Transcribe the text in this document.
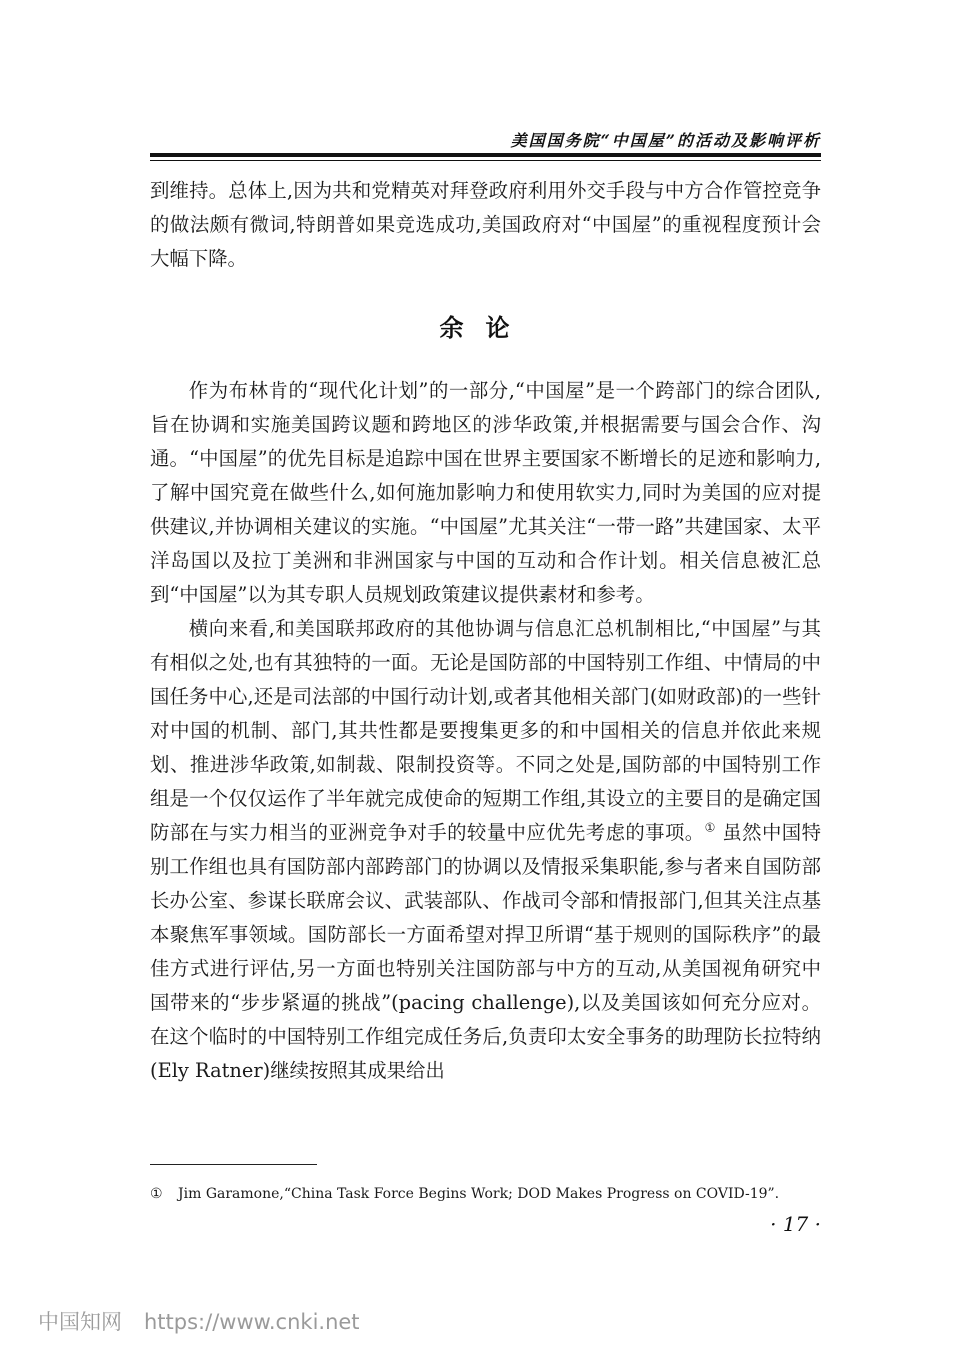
美国国务院“中国屋”的活动及影响评析

到维持。总体上,因为共和党精英对拜登政府利用外交手段与中方合作管控竞争的做法颇有微词,特朗普如果竞选成功,美国政府对“中国屋”的重视程度预计会大幅下降。

余论

作为布林肯的“现代化计划”的一部分,“中国屋”是一个跨部门的综合团队,旨在协调和实施美国跨议题和跨地区的涉华政策,并根据需要与国会合作、沟通。“中国屋”的优先目标是追踪中国在世界主要国家不断增长的足迹和影响力,了解中国究竟在做些什么,如何施加影响力和使用软实力,同时为美国的应对提供建议,并协调相关建议的实施。“中国屋”尤其关注“一带一路”共建国家、太平洋岛国以及拉丁美洲和非洲国家与中国的互动和合作计划。相关信息被汇总到“中国屋”以为其专职人员规划政策建议提供素材和参考。

横向来看,和美国联邦政府的其他协调与信息汇总机制相比,“中国屋”与其有相似之处,也有其独特的一面。无论是国防部的中国特别工作组、中情局的中国任务中心,还是司法部的中国行动计划,或者其他相关部门(如财政部)的一些针对中国的机制、部门,其共性都是要搜集更多的和中国相关的信息并依此来规划、推进涉华政策,如制裁、限制投资等。不同之处是,国防部的中国特别工作组是一个仅仅运作了半年就完成使命的短期工作组,其设立的主要目的是确定国防部在与实力相当的亚洲竞争对手的较量中应优先考虑的事项。① 虽然中国特别工作组也具有国防部内部跨部门的协调以及情报采集职能,参与者来自国防部长办公室、参谋长联席会议、武装部队、作战司令部和情报部门,但其关注点基本聚焦军事领域。国防部长一方面希望对捍卫所谓“基于规则的国际秩序”的最佳方式进行评估,另一方面也特别关注国防部与中方的互动,从美国视角研究中国带来的“步步紧逼的挑战”(pacing challenge),以及美国该如何充分应对。在这个临时的中国特别工作组完成任务后,负责印太安全事务的助理防长拉特纳(Ely Ratner)继续按照其成果给出

① Jim Garamone,“China Task Force Begins Work; DOD Makes Progress on COVID-19”.
· 17 ·
中国知网 https://www.cnki.net
